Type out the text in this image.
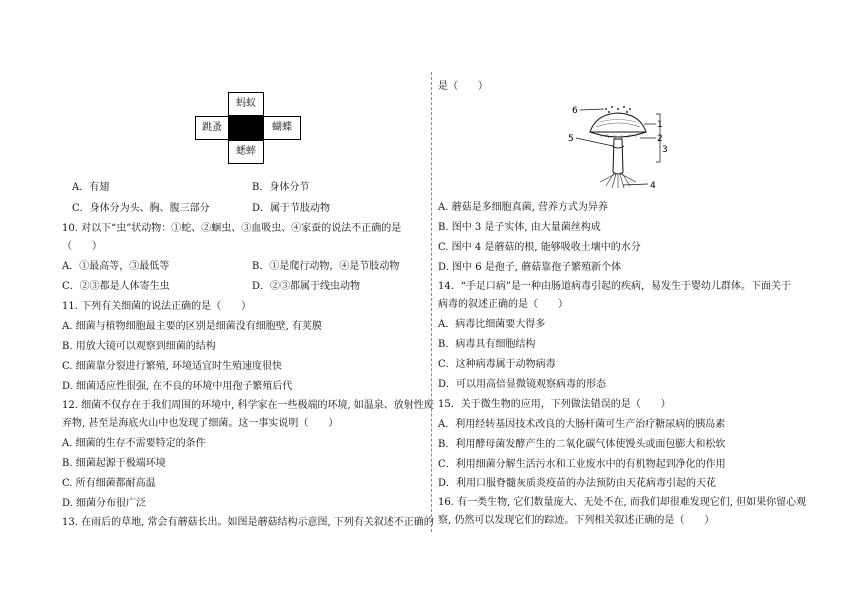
蚂蚁
跳蚤	蝴蝶
蟋蟀
A．有翅	B．身体分节
C．身体分为头、胸、腹三部分	D．属于节肢动物
10. 对以下“虫”状动物：①蛇、②蛔虫、③血吸虫、④家蚕的说法不正确的是
（　　）
A．①最高等，③最低等	B．①是爬行动物，④是节肢动物
C．②③都是人体寄生虫	D．②③都属于线虫动物
11. 下列有关细菌的说法正确的是（　　）
A. 细菌与植物细胞最主要的区别是细菌没有细胞壁, 有荚膜
B. 用放大镜可以观察到细菌的结构
C. 细菌靠分裂进行繁殖, 环境适宜时生殖速度很快
D. 细菌适应性很强, 在不良的环境中用孢子繁殖后代
12. 细菌不仅存在于我们周围的环境中, 科学家在一些极端的环境, 如温泉、放射性废
弃物, 甚至是海底火山中也发现了细菌。这一事实说明（　　）
A. 细菌的生存不需要特定的条件
B. 细菌起源于极端环境
C. 所有细菌都耐高温
D. 细菌分布很广泛
13. 在雨后的草地, 常会有蘑菇长出。如图是蘑菇结构示意图, 下列有关叙述不正确的
是（　　）
6
1
2
3
5
4
A. 蘑菇是多细胞真菌, 营养方式为异养
B. 图中 3 是子实体, 由大量菌丝构成
C. 图中 4 是蘑菇的根, 能够吸收土壤中的水分
D. 图中 6 是孢子, 蘑菇靠孢子繁殖新个体
14．“手足口病”是一种由肠道病毒引起的疾病，易发生于婴幼儿群体。下面关于
病毒的叙述正确的是（　　）
A．病毒比细菌要大得多
B．病毒具有细胞结构
C．这种病毒属于动物病毒
D．可以用高倍显微镜观察病毒的形态
15．关于微生物的应用，下列做法错误的是（　　）
A．利用经转基因技术改良的大肠杆菌可生产治疗糖尿病的胰岛素
B．利用酵母菌发酵产生的二氧化碳气体使馒头或面包膨大和松软
C．利用细菌分解生活污水和工业废水中的有机物起到净化的作用
D．利用口服脊髓灰质炎疫苗的办法预防由天花病毒引起的天花
16. 有一类生物, 它们数量庞大、无处不在, 而我们却很难发现它们, 但如果你留心观
察, 仍然可以发现它们的踪迹。下列相关叙述正确的是（　　）
